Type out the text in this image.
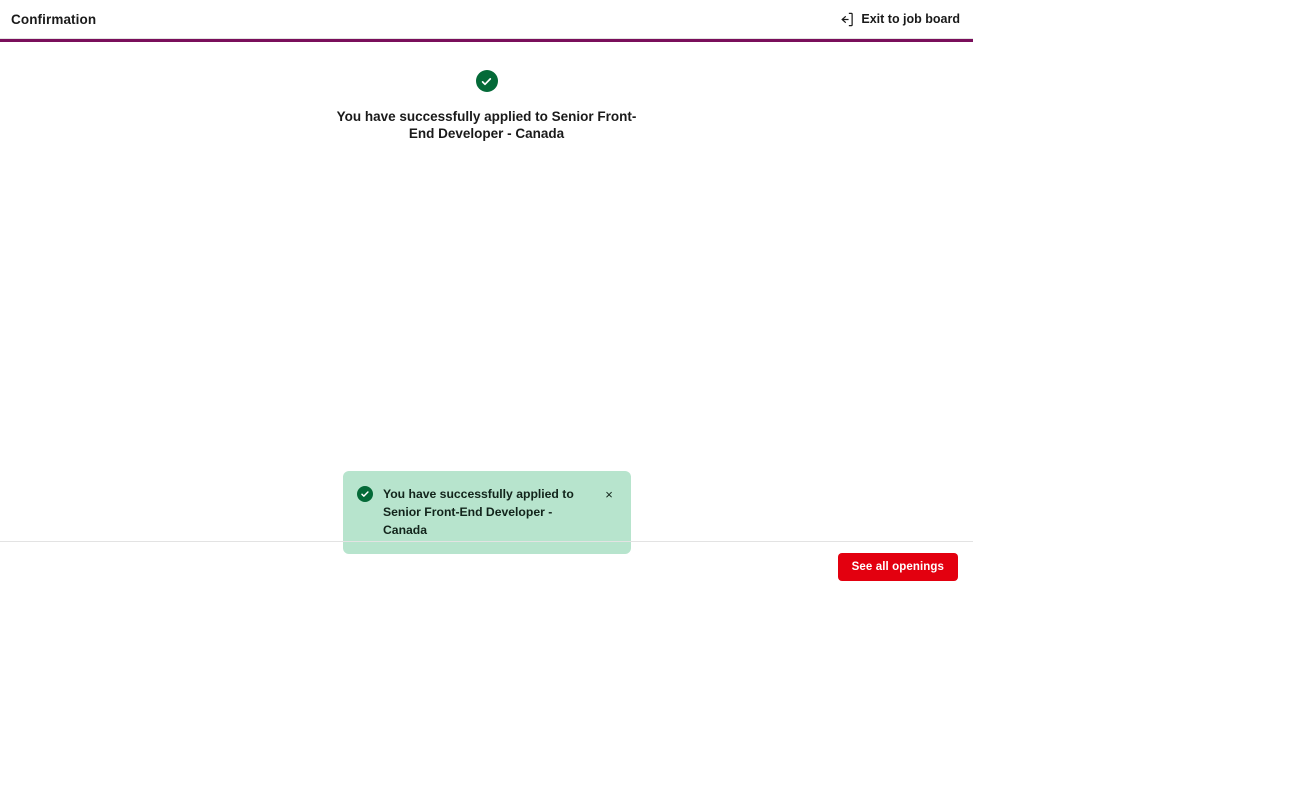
Confirmation	Exit to job board
You have successfully applied to Senior Front-End Developer - Canada
You have successfully applied to Senior Front-End Developer - Canada
×
See all openings
